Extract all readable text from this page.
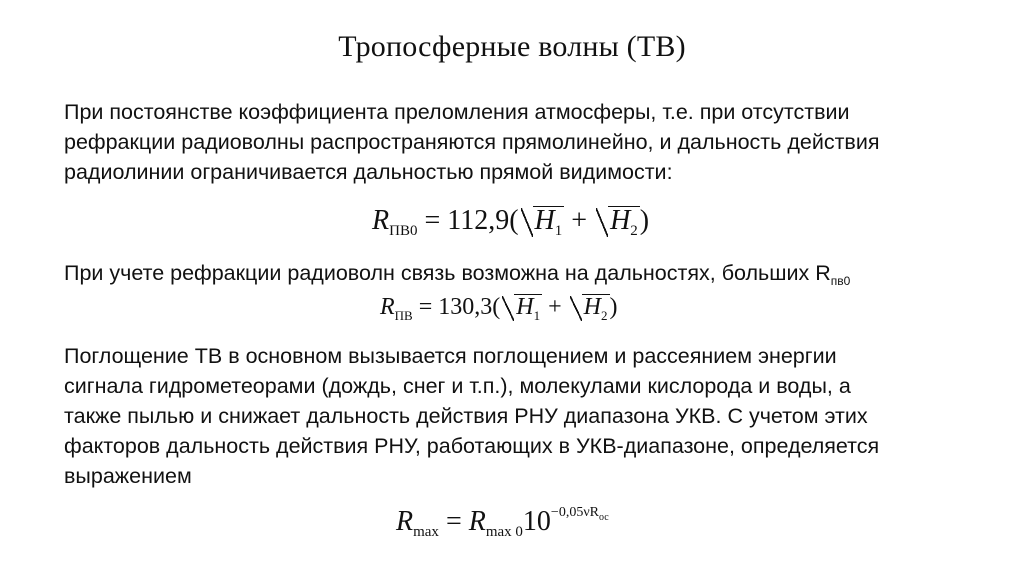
Тропосферные волны (ТВ)
При постоянстве коэффициента преломления атмосферы, т.е. при отсутствии
рефракции радиоволны распространяются прямолинейно, и дальность действия
радиолинии ограничивается дальностью прямой видимости:
$R_{ПВ0} = 112,9$( $H_1 + H_2$)
При учете рефракции радиоволн связь возможна на дальностях, больших $R_{пв0}$
$R_{ПВ} = 130,3$( $H_1 + H_2$)
Поглощение ТВ в основном вызывается поглощением и рассеянием энергии
сигнала гидрометеорами (дождь, снег и т.п.), молекулами кислорода и воды, а
также пылью и снижает дальность действия РНУ диапазона УКВ. С учетом этих
факторов дальность действия РНУ, работающих в УКВ-диапазоне, определяется
выражением
$R_{max} = R_{max 0}10^{-0,05\nu R_{ос}}$
